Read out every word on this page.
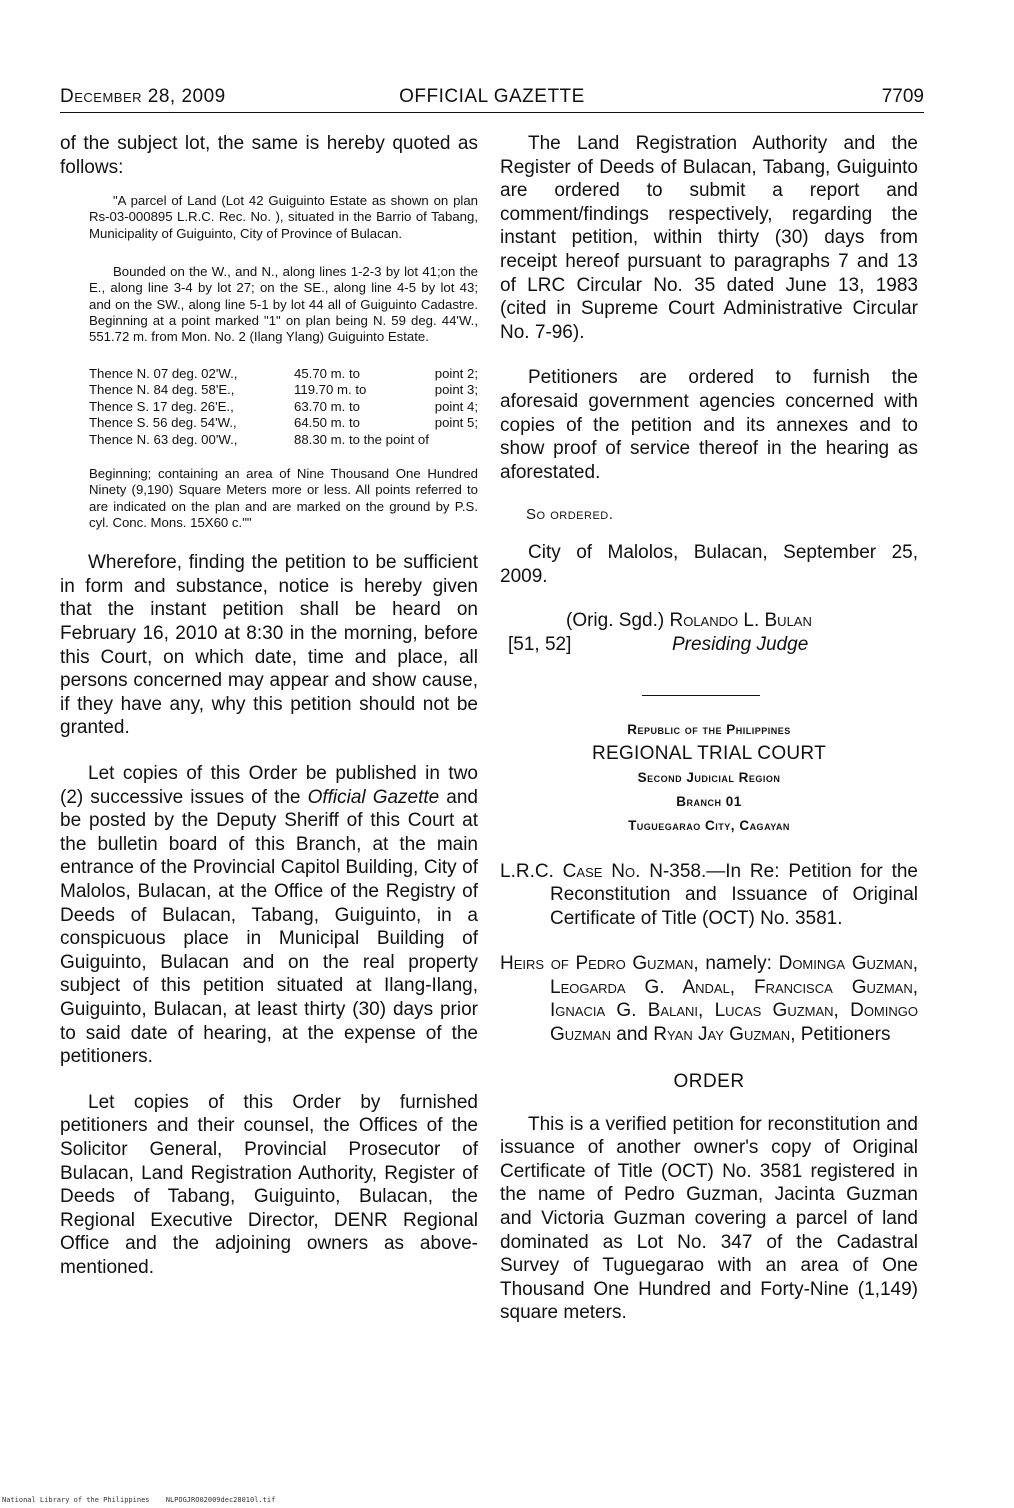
December 28, 2009	OFFICIAL GAZETTE	7709

of the subject lot, the same is hereby quoted as follows:

"A parcel of Land (Lot 42 Guiguinto Estate as shown on plan Rs-03-000895 L.R.C. Rec. No. ), situated in the Barrio of Tabang, Municipality of Guiguinto, City of Province of Bulacan.

Bounded on the W., and N., along lines 1-2-3 by lot 41;on the E., along line 3-4 by lot 27; on the SE., along line 4-5 by lot 43; and on the SW., along line 5-1 by lot 44 all of Guiguinto Cadastre. Beginning at a point marked "1" on plan being N. 59 deg. 44'W., 551.72 m. from Mon. No. 2 (Ilang Ylang) Guiguinto Estate.

Thence N. 07 deg. 02'W.,	45.70 m. to	point 2;
Thence N. 84 deg. 58'E.,	119.70 m. to	point 3;
Thence S. 17 deg. 26'E.,	63.70 m. to	point 4;
Thence S. 56 deg. 54'W.,	64.50 m. to	point 5;
Thence N. 63 deg. 00'W.,	88.30 m. to the point of	

Beginning; containing an area of Nine Thousand One Hundred Ninety (9,190) Square Meters more or less. All points referred to are indicated on the plan and are marked on the ground by P.S. cyl. Conc. Mons. 15X60 c.""

Wherefore, finding the petition to be sufficient in form and substance, notice is hereby given that the instant petition shall be heard on February 16, 2010 at 8:30 in the morning, before this Court, on which date, time and place, all persons concerned may appear and show cause, if they have any, why this petition should not be granted.

Let copies of this Order be published in two (2) successive issues of the Official Gazette and be posted by the Deputy Sheriff of this Court at the bulletin board of this Branch, at the main entrance of the Provincial Capitol Building, City of Malolos, Bulacan, at the Office of the Registry of Deeds of Bulacan, Tabang, Guiguinto, in a conspicuous place in Municipal Building of Guiguinto, Bulacan and on the real property subject of this petition situated at Ilang-Ilang, Guiguinto, Bulacan, at least thirty (30) days prior to said date of hearing, at the expense of the petitioners.

Let copies of this Order by furnished petitioners and their counsel, the Offices of the Solicitor General, Provincial Prosecutor of Bulacan, Land Registration Authority, Register of Deeds of Tabang, Guiguinto, Bulacan, the Regional Executive Director, DENR Regional Office and the adjoining owners as above-mentioned.

The Land Registration Authority and the Register of Deeds of Bulacan, Tabang, Guiguinto are ordered to submit a report and comment/findings respectively, regarding the instant petition, within thirty (30) days from receipt hereof pursuant to paragraphs 7 and 13 of LRC Circular No. 35 dated June 13, 1983 (cited in Supreme Court Administrative Circular No. 7-96).

Petitioners are ordered to furnish the aforesaid government agencies concerned with copies of the petition and its annexes and to show proof of service thereof in the hearing as aforestated.

So ordered.

City of Malolos, Bulacan, September 25, 2009.

(Orig. Sgd.) Rolando L. Bulan
[51, 52]	Presiding Judge
Republic of the Philippines
REGIONAL TRIAL COURT
Second Judicial Region
Branch 01
Tuguegarao City, Cagayan

L.R.C. Case No. N-358.—In Re: Petition for the Reconstitution and Issuance of Original Certificate of Title (OCT) No. 3581.

Heirs of Pedro Guzman, namely: Dominga Guzman, Leogarda G. Andal, Francisca Guzman, Ignacia G. Balani, Lucas Guzman, Domingo Guzman and Ryan Jay Guzman, Petitioners

ORDER

This is a verified petition for reconstitution and issuance of another owner's copy of Original Certificate of Title (OCT) No. 3581 registered in the name of Pedro Guzman, Jacinta Guzman and Victoria Guzman covering a parcel of land dominated as Lot No. 347 of the Cadastral Survey of Tuguegarao with an area of One Thousand One Hundred and Forty-Nine (1,149) square meters.

National Library of the Philippines NLPOGJRO02009dec28010l.tif
